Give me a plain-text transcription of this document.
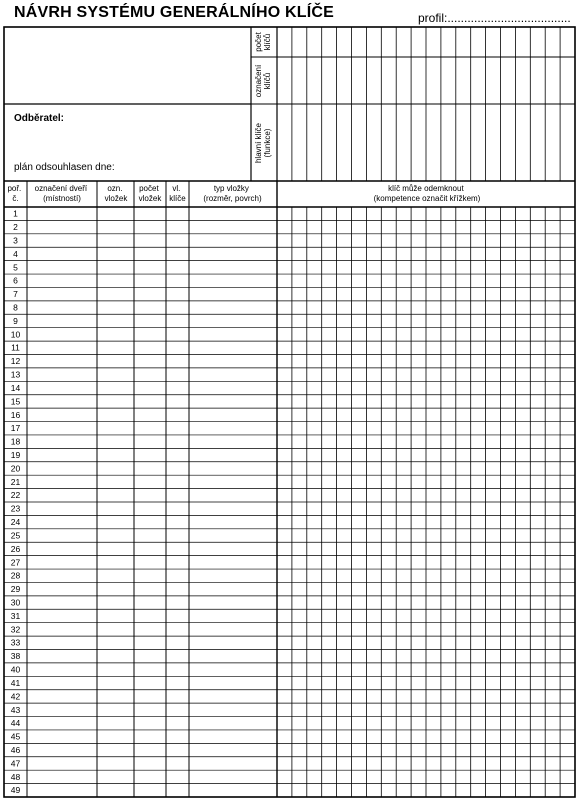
NÁVRH SYSTÉMU GENERÁLNÍHO KLÍČE	profil:.....................................
Odběratel:
plán odsouhlasen dne:
početklíčů
označeníklíčů
hlavní klíče(funkce)
poř. č.
označení dveří (místností)
ozn. vložek
počet vložek
vl. klíče
typ vložky (rozměr, povrch)
klíč může odemknout (kompetence označit křížkem)
1
2
3
4
5
6
7
8
9
10
11
12
13
14
15
16
17
18
19
20
21
22
23
24
25
26
27
28
29
30
31
32
33
38
40
41
42
43
44
45
46
47
48
49
